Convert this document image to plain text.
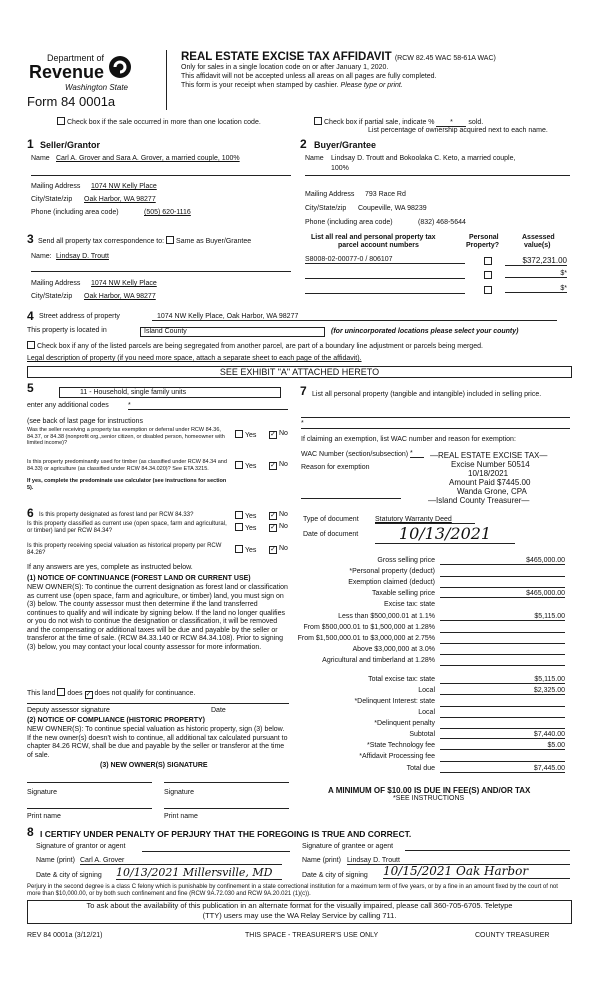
Department of
Revenue
Washington State
Form 84 0001a
REAL ESTATE EXCISE TAX AFFIDAVIT (RCW 82.45 WAC 58-61A WAC)
Only for sales in a single location code on or after January 1, 2020.
This affidavit will not be accepted unless all areas on all pages are fully completed.
This form is your receipt when stamped by cashier. Please type or print.
Check box if the sale occurred in more than one location code.	Check box if partial sale, indicate % * sold.
List percentage of ownership acquired next to each name.
1 Seller/Grantor
Name Carl A. Grover and Sara A. Grover, a married couple, 100%
Mailing Address 1074 NW Kelly Place
City/State/zip Oak Harbor, WA 98277
Phone (including area code)	(505) 620-1116
2 Buyer/Grantee
Name Lindsay D. Troutt and Bokoolaka C. Keto, a married couple,
100%
Mailing Address 793 Race Rd
City/State/zip Coupeville, WA 98239
Phone (including area code)	(832) 468-5644
3 Send all property tax correspondence to: Same as Buyer/Grantee
Name: Lindsay D. Troutt
Mailing Address 1074 NW Kelly Place
City/State/zip Oak Harbor, WA 98277
List all real and personal property tax
parcel account numbers
Personal
Property?
Assessed
value(s)
S8008-02-00077-0 / 806107	$372,231.00
$*
$*
4 Street address of property	1074 NW Kelly Place, Oak Harbor, WA 98277
This property is located in	Island County	(for unincorporated locations please select your county)
Check box if any of the listed parcels are being segregated from another parcel, are part of a boundary line adjustment or parcels being merged.
Legal description of property (if you need more space, attach a separate sheet to each page of the affidavit).
SEE EXHIBIT "A" ATTACHED HERETO
5	11 - Household, single family units
enter any additional codes	*
(see back of last page for instructions
Was the seller receiving a property tax exemption or deferral under RCW 84.36, 84.37, or 84.38 (nonprofit org.,senior citizen, or disabled person, homeowner with limited income)?
Yes ✓	No
Is this property predominantly used for timber (as classified under RCW 84.34 and 84.33) or agriculture (as classified under RCW 84.34.020)? See ETA 3215.
If yes, complete the predominate use calculator (see instructions for section 5).
Yes ✓	No
6 Is this property designated as forest land per RCW 84.33?	Yes ✓	No
Is this property classified as current use (open space, farm and agricultural, or timber) land per RCW 84.34?	Yes ✓	No
Is this property receiving special valuation as historical property per RCW 84.26?	Yes ✓	No
If any answers are yes, complete as instructed below.
(1) NOTICE OF CONTINUANCE (FOREST LAND OR CURRENT USE)
NEW OWNER(S): To continue the current designation as forest land or classification as current use (open space, farm and agriculture, or timber) land, you must sign on (3) below. The county assessor must then determine if the land transferred continues to qualify and will indicate by signing below. If the land no longer qualifies or you do not wish to continue the designation or classification, it will be removed and the compensating or additional taxes will be due and payable by the seller or transferor at the time of sale. (RCW 84.33.140 or RCW 84.34.108). Prior to signing (3) below, you may contact your local county assessor for more information.
This land does ✓ does not qualify for continuance.
Deputy assessor signature	Date
(2) NOTICE OF COMPLIANCE (HISTORIC PROPERTY)
NEW OWNER(S): To continue special valuation as historic property, sign (3) below. If the new owner(s) doesn't wish to continue, all additional tax calculated pursuant to chapter 84.26 RCW, shall be due and payable by the seller or transferor at the time of sale.
(3) NEW OWNER(S) SIGNATURE
Signature	Signature
Print name	Print name
7 List all personal property (tangible and intangible) included in selling price.
*
If claiming an exemption, list WAC number and reason for exemption:
WAC Number (section/subsection) *
Reason for exemption
—REAL ESTATE EXCISE TAX—
Excise Number 50514
10/18/2021
Amount Paid $7445.00
Wanda Grone, CPA
—Island County Treasurer—
Type of document Statutory Warranty Deed
Date of document	10/13/2021
Gross selling price	$465,000.00
*Personal property (deduct)
Exemption claimed (deduct)
Taxable selling price	$465,000.00
Excise tax: state
Less than $500,000.01 at 1.1%	$5,115.00
From $500,000.01 to $1,500,000 at 1.28%
From $1,500,000.01 to $3,000,000 at 2.75%
Above $3,000,000 at 3.0%
Agricultural and timberland at 1.28%
Total excise tax: state	$5,115.00
Local	$2,325.00
*Delinquent Interest: state
Local
*Delinquent penalty
Subtotal	$7,440.00
*State Technology fee	$5.00
*Affidavit Processing fee
Total due	$7,445.00
A MINIMUM OF $10.00 IS DUE IN FEE(S) AND/OR TAX
*SEE INSTRUCTIONS
8 I CERTIFY UNDER PENALTY OF PERJURY THAT THE FOREGOING IS TRUE AND CORRECT.
Signature of grantor or agent
	Signature of grantee or agent
Name (print) Carl A. Grover	Name (print) Lindsay D. Troutt
Date & city of signing 10/13/2021 Millersville, MD	Date & city of signing 10/15/2021 Oak Harbor
Perjury in the second degree is a class C felony which is punishable by confinement in a state correctional institution for a maximum term of five years, or by a fine in an amount fixed by the court of not more than $10,000.00, or by both such confinement and fine (RCW 9A.72.030 and RCW 9A.20.021 (1)(c)).
To ask about the availability of this publication in an alternate format for the visually impaired, please call 360-705-6705. Teletype
(TTY) users may use the WA Relay Service by calling 711.
REV 84 0001a (3/12/21)	THIS SPACE - TREASURER'S USE ONLY	COUNTY TREASURER
